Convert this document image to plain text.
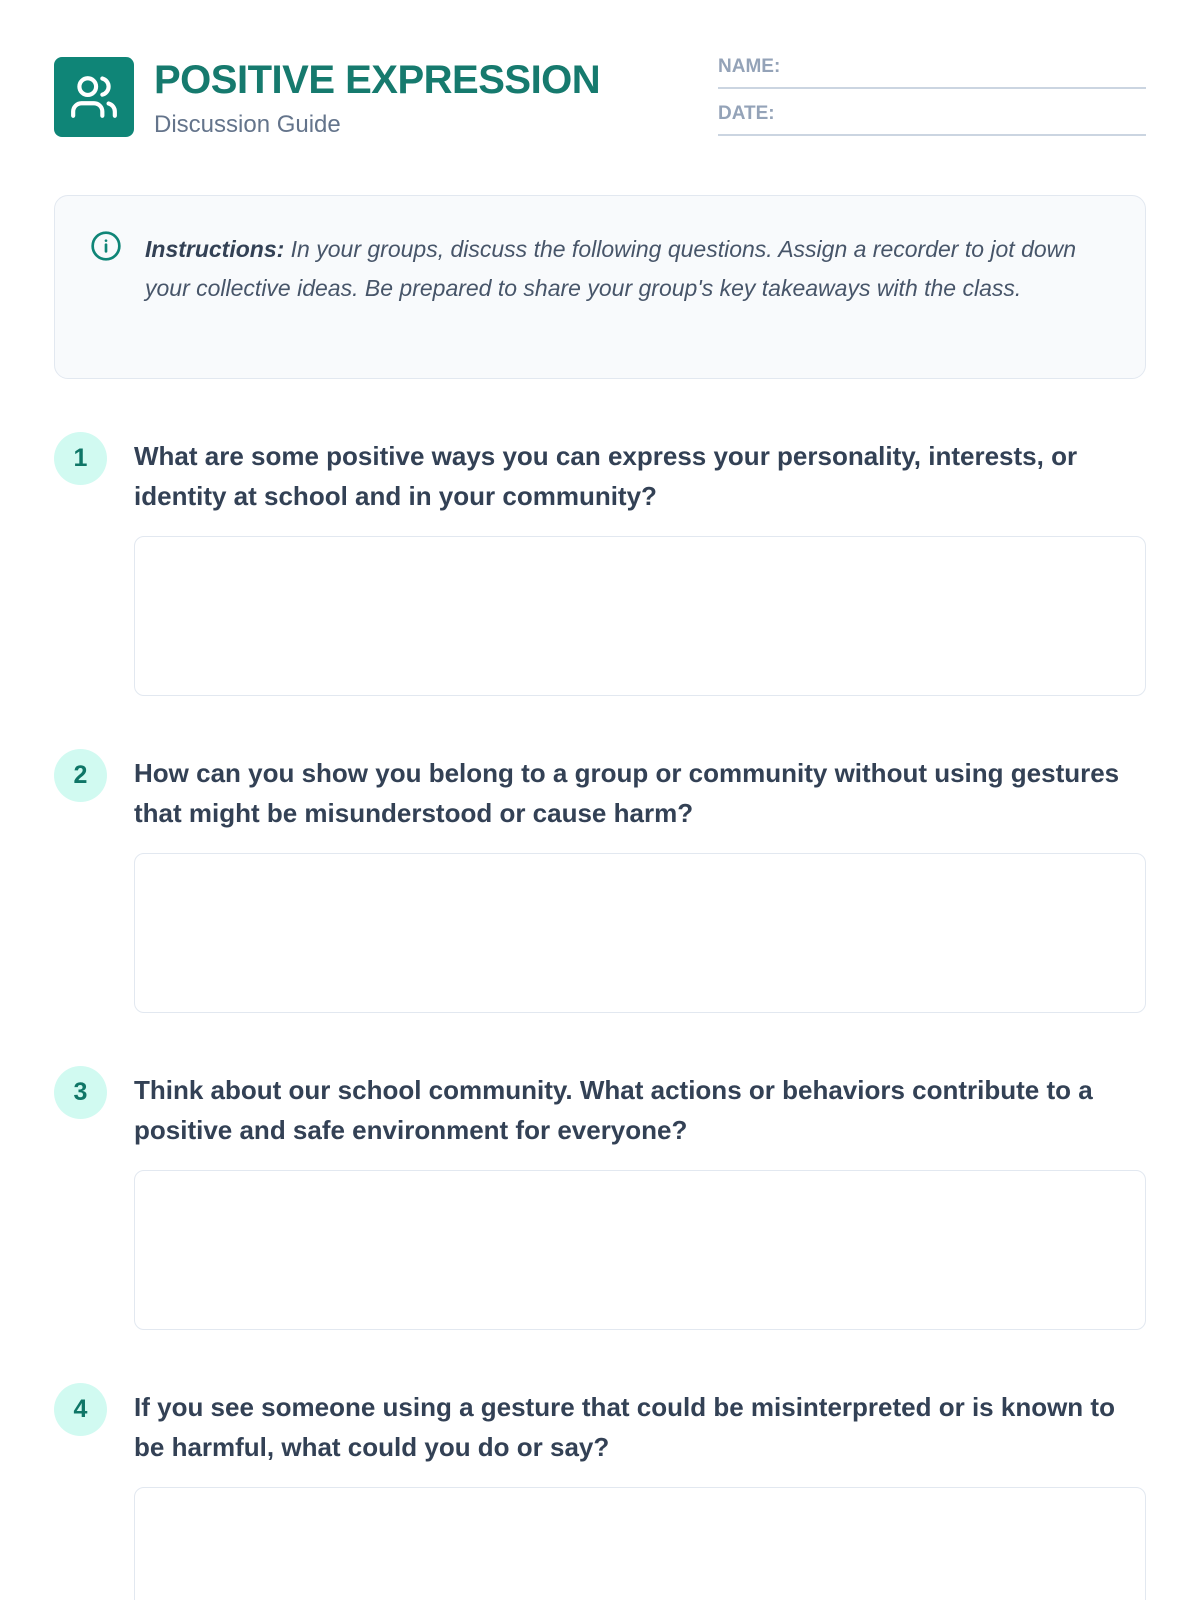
POSITIVE EXPRESSION
Discussion Guide
NAME:
DATE:

Instructions: In your groups, discuss the following questions. Assign a recorder to jot down your collective ideas. Be prepared to share your group's key takeaways with the class.

1	What are some positive ways you can express your personality, interests, or identity at school and in your community?
2	How can you show you belong to a group or community without using gestures that might be misunderstood or cause harm?
3	Think about our school community. What actions or behaviors contribute to a positive and safe environment for everyone?
4	If you see someone using a gesture that could be misinterpreted or is known to be harmful, what could you do or say?
